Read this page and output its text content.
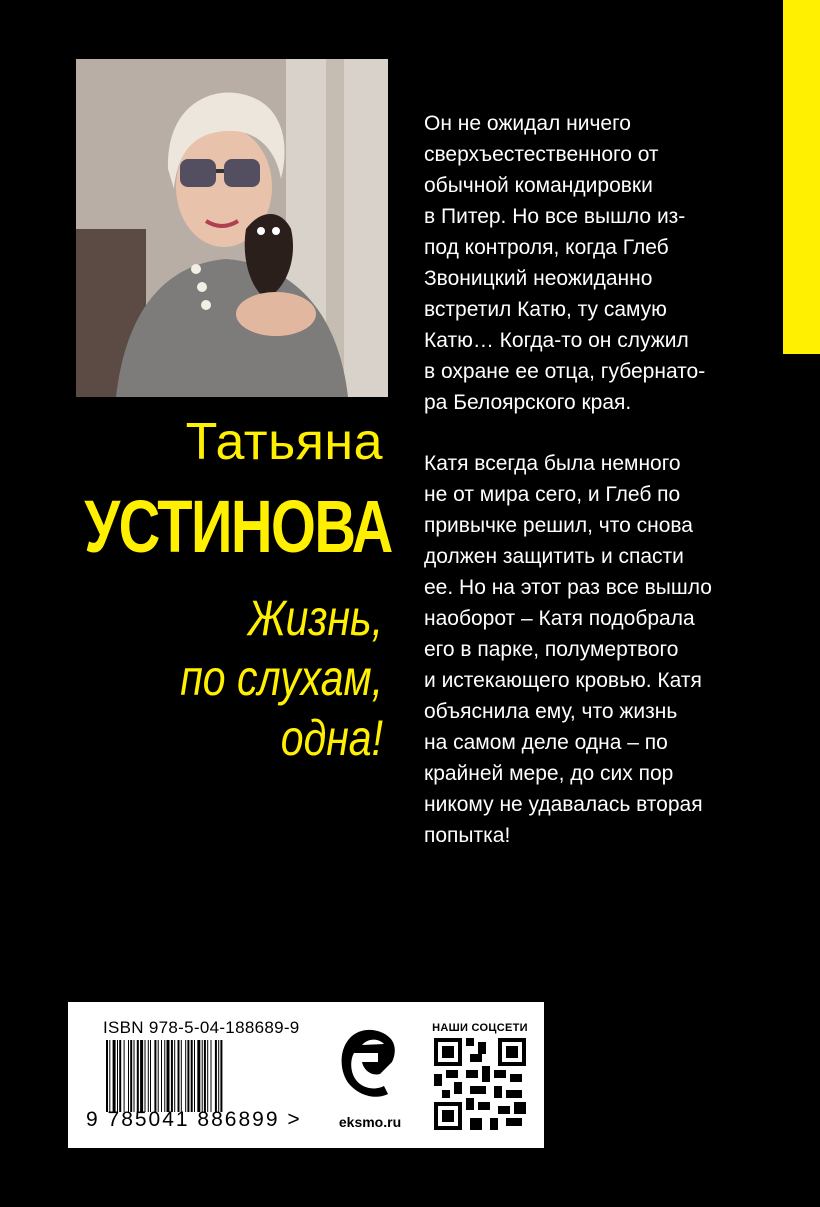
Татьяна
УСТИНОВА
Жизнь,
по слухам,
одна!

Он не ожидал ничего
сверхъестественного от
обычной командировки
в Питер. Но все вышло из-
под контроля, когда Глеб
Звоницкий неожиданно
встретил Катю, ту самую
Катю… Когда-то он служил
в охране ее отца, губернато-
ра Белоярского края.

Катя всегда была немного
не от мира сего, и Глеб по
привычке решил, что снова
должен защитить и спасти
ее. Но на этот раз все вышло
наоборот – Катя подобрала
его в парке, полумертвого
и истекающего кровью. Катя
объяснила ему, что жизнь
на самом деле одна – по
крайней мере, до сих пор
никому не удавалась вторая
попытка!

ISBN 978-5-04-188689-9
9 785041 886899 >	eksmo.ru
НАШИ СОЦСЕТИ
